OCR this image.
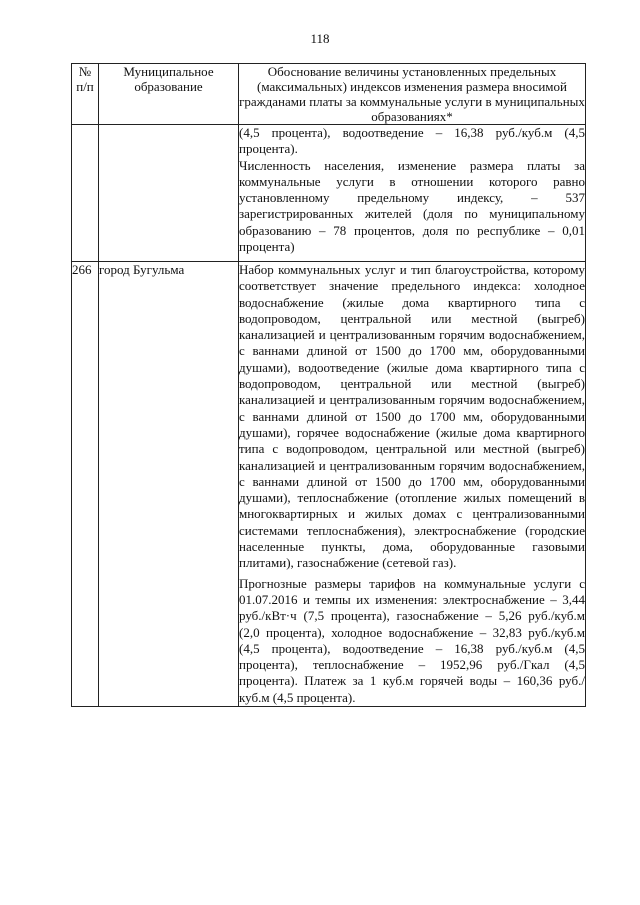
118
№ п/п	Муниципальное образование	Обоснование величины установленных предельных (максимальных) индексов изменения размера вносимой гражданами платы за коммунальные услуги в муниципальных образованиях*

		(4,5 процента), водоотведение – 16,38 руб./куб.м (4,5 процента).

Численность населения, изменение размера платы за коммунальные услуги в отношении которого равно установленному предельному индексу, – 537 зарегистрированных жителей (доля по муниципальному образованию – 78 процентов, доля по республике – 0,01 процента)

266	город Бугульма	Набор коммунальных услуг и тип благоустройства, которому соответствует значение предельного индекса: холодное водоснабжение (жилые дома квартирного типа с водопроводом, центральной или местной (выгреб) канализацией и централизованным горячим водоснабжением, с ваннами длиной от 1500 до 1700 мм, оборудованными душами), водоотведение (жилые дома квартирного типа с водопроводом, центральной или местной (выгреб) канализацией и централизованным горячим водоснабжением, с ваннами длиной от 1500 до 1700 мм, оборудованными душами), горячее водоснабжение (жилые дома квартирного типа с водопроводом, центральной или местной (выгреб) канализацией и централизованным горячим водоснабжением, с ваннами длиной от 1500 до 1700 мм, оборудованными душами), теплоснабжение (отопление жилых помещений в многоквартирных и жилых домах с централизованными системами теплоснабжения), электроснабжение (городские населенные пункты, дома, оборудованные газовыми плитами), газоснабжение (сетевой газ).

Прогнозные размеры тарифов на коммунальные услуги с 01.07.2016 и темпы их изменения: электроснабжение – 3,44 руб./кВт·ч (7,5 процента), газоснабжение – 5,26 руб./куб.м (2,0 процента), холодное водоснабжение – 32,83 руб./куб.м (4,5 процента), водоотведение – 16,38 руб./куб.м (4,5 процента), теплоснабжение – 1952,96 руб./Гкал (4,5 процента). Платеж за 1 куб.м горячей воды – 160,36 руб./куб.м (4,5 процента).
